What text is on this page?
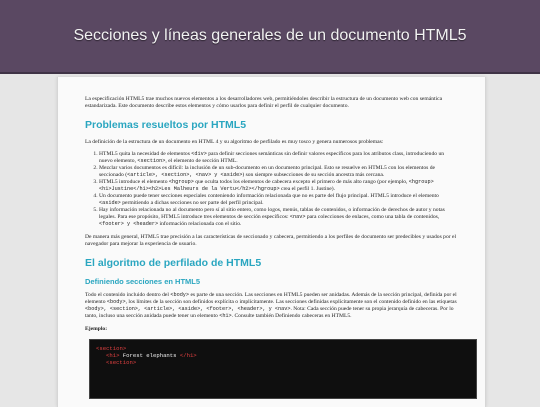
Secciones y líneas generales de un documento HTML5

La especificación HTML5 trae muchos nuevos elementos a los desarrolladores web, permitiéndoles describir la estructura de un documento web con semántica estandarizada. Este documento describe estos elementos y cómo usarlos para definir el perfil de cualquier documento.

Problemas resueltos por HTML5

La definición de la estructura de un documento en HTML 4 y su algoritmo de perfilado es muy tosco y genera numerosos problemas:

1. HTML5 quita la necesidad de elementos <div> para definir secciones semánticas sin definir valores específicos para los atributos class, introduciendo un nuevo elemento, <section>, el elemento de sección HTML.
2. Mezclar varios documentos es difícil: la inclusión de un sub-documento en un documento principal. Esto se resuelve en HTML5 con los elementos de seccionado (<article>, <section>, <nav> y <aside>) son siempre subsecciones de su sección ancestra más cercana.
3. HTML5 introduce el elemento <hgroup> que oculta todos los elementos de cabecera excepto el primero de más alto rango (por ejemplo, <hgroup><h1>Justine</h1><h2>Les Malheurs de la Vertu</h2></hgroup> crea el perfil 1. Justine).
4. Un documento puede tener secciones especiales conteniendo información relacionada que no es parte del flujo principal. HTML5 introduce el elemento <aside> permitiendo a dichas secciones no ser parte del perfil principal.
5. Hay información relacionada no al documento pero sí al sitio entero, como logos, menús, tablas de contenidos, o información de derechos de autor y notas legales. Para ese propósito, HTML5 introduce tres elementos de sección específicos: <nav> para colecciones de enlaces, como una tabla de contenidos, <footer> y <header> información relacionada con el sitio.

De manera más general, HTML5 trae precisión a las características de seccionado y cabecera, permitiendo a los perfiles de documento ser predecibles y usados por el navegador para mejorar la experiencia de usuario.

El algoritmo de perfilado de HTML5
Definiendo secciones en HTML5

Todo el contenido incluido dentro del <body> es parte de una sección. Las secciones en HTML5 pueden ser anidadas. Además de la sección principal, definida por el elemento <body>, los límites de la sección son definidos explícita o implícitamente. Las secciones definidas explícitamente son el contenido definido en las etiquetas <body>, <section>, <article>, <aside>, <footer>, <header>, y <nav>. Nota: Cada sección puede tener su propia jerarquía de cabeceras. Por lo tanto, incluso una sección anidada puede tener un elemento <h1>. Consulte también Definiendo cabeceras en HTML5.

Ejemplo:
<section>
<h1> Forest elephants </h1>
<section>
